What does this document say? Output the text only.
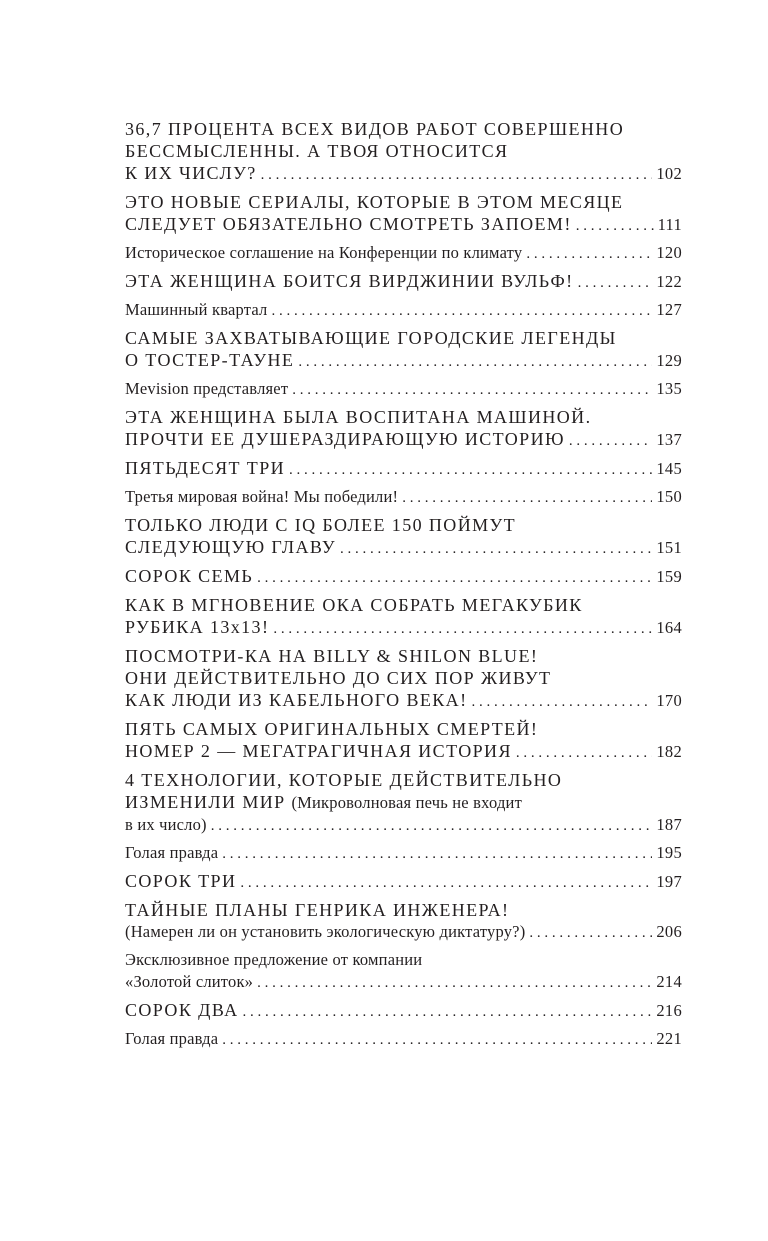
36,7 ПРОЦЕНТА ВСЕХ ВИДОВ РАБОТ СОВЕРШЕННО
БЕССМЫСЛЕННЫ. А ТВОЯ ОТНОСИТСЯ
К ИХ ЧИСЛУ? . . .	102
ЭТО НОВЫЕ СЕРИАЛЫ, КОТОРЫЕ В ЭТОМ МЕСЯЦЕ
СЛЕДУЕТ ОБЯЗАТЕЛЬНО СМОТРЕТЬ ЗАПОЕМ! . . .	111
Историческое соглашение на Конференции по климату . . .	120
ЭТА ЖЕНЩИНА БОИТСЯ ВИРДЖИНИИ ВУЛЬФ! . . .	122
Машинный квартал . . .	127
САМЫЕ ЗАХВАТЫВАЮЩИЕ ГОРОДСКИЕ ЛЕГЕНДЫ
О ТОСТЕР-ТАУНЕ . . .	129
Mevision представляет . . .	135
ЭТА ЖЕНЩИНА БЫЛА ВОСПИТАНА МАШИНОЙ.
ПРОЧТИ ЕЕ ДУШЕРАЗДИРАЮЩУЮ ИСТОРИЮ . . .	137
ПЯТЬДЕСЯТ ТРИ . . .	145
Третья мировая война! Мы победили! . . .	150
ТОЛЬКО ЛЮДИ С IQ БОЛЕЕ 150 ПОЙМУТ
СЛЕДУЮЩУЮ ГЛАВУ . . .	151
СОРОК СЕМЬ . . .	159
КАК В МГНОВЕНИЕ ОКА СОБРАТЬ МЕГАКУБИК
РУБИКА 13x13! . . .	164
ПОСМОТРИ-КА НА BILLY & SHILON BLUE!
ОНИ ДЕЙСТВИТЕЛЬНО ДО СИХ ПОР ЖИВУТ
КАК ЛЮДИ ИЗ КАБЕЛЬНОГО ВЕКА! . . .	170
ПЯТЬ САМЫХ ОРИГИНАЛЬНЫХ СМЕРТЕЙ!
НОМЕР 2 — МЕГАТРАГИЧНАЯ ИСТОРИЯ . . .	182
4 ТЕХНОЛОГИИ, КОТОРЫЕ ДЕЙСТВИТЕЛЬНО
ИЗМЕНИЛИ МИР (Микроволновая печь не входит
в их число) . . .	187
Голая правда . . .	195
СОРОК ТРИ . . .	197
ТАЙНЫЕ ПЛАНЫ ГЕНРИКА ИНЖЕНЕРА!
(Намерен ли он установить экологическую диктатуру?) . . .	206
Эксклюзивное предложение от компании
«Золотой слиток» . . .	214
СОРОК ДВА . . .	216
Голая правда . . .	221
